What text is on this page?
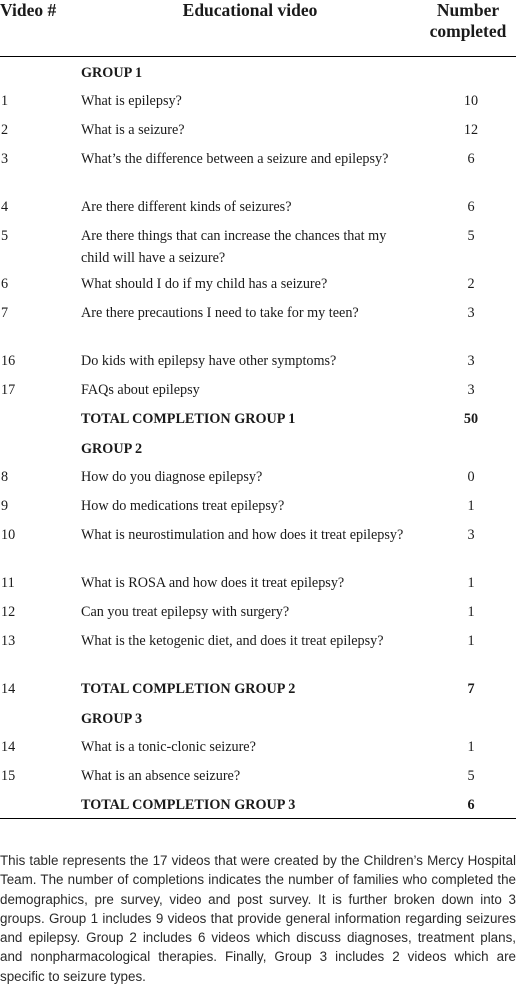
Video #	Educational video	Number completed
	GROUP 1	
1	What is epilepsy?	10
2	What is a seizure?	12
3	What’s the difference between a seizure and epilepsy?	6
4	Are there different kinds of seizures?	6
5	Are there things that can increase the chances that my child will have a seizure?	5
6	What should I do if my child has a seizure?	2
7	Are there precautions I need to take for my teen?	3
16	Do kids with epilepsy have other symptoms?	3
17	FAQs about epilepsy	3
	TOTAL COMPLETION GROUP 1	50
	GROUP 2	
8	How do you diagnose epilepsy?	0
9	How do medications treat epilepsy?	1
10	What is neurostimulation and how does it treat epilepsy?	3
11	What is ROSA and how does it treat epilepsy?	1
12	Can you treat epilepsy with surgery?	1
13	What is the ketogenic diet, and does it treat epilepsy?	1
14	TOTAL COMPLETION GROUP 2	7
	GROUP 3	
14	What is a tonic-clonic seizure?	1
15	What is an absence seizure?	5
	TOTAL COMPLETION GROUP 3	6

This table represents the 17 videos that were created by the Children’s Mercy Hospital Team. The number of completions indicates the number of families who completed the demographics, pre survey, video and post survey. It is further broken down into 3 groups. Group 1 includes 9 videos that provide general information regarding seizures and epilepsy. Group 2 includes 6 videos which discuss diagnoses, treatment plans, and nonpharmacological therapies. Finally, Group 3 includes 2 videos which are specific to seizure types.
